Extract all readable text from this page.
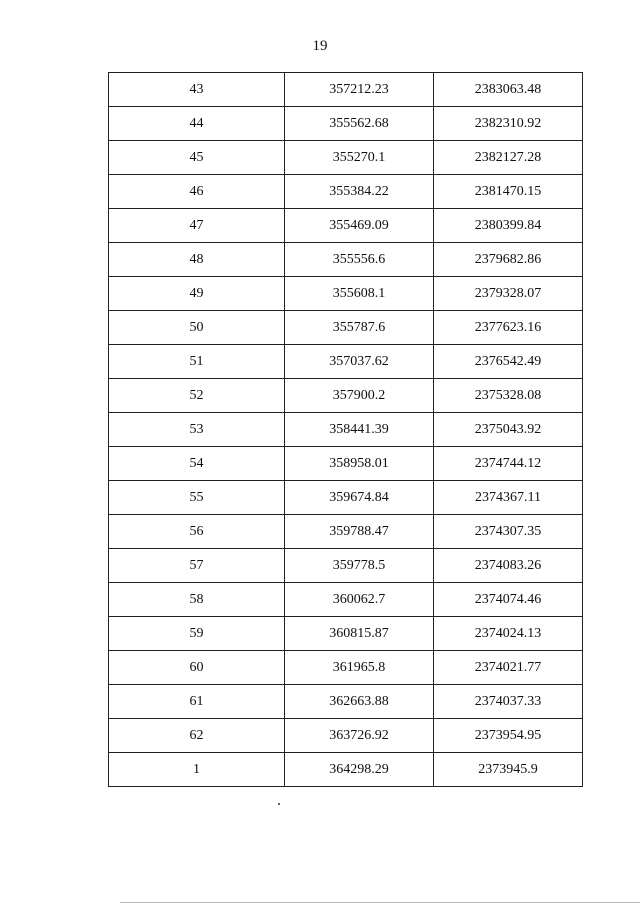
19
43	357212.23	2383063.48
44	355562.68	2382310.92
45	355270.1	2382127.28
46	355384.22	2381470.15
47	355469.09	2380399.84
48	355556.6	2379682.86
49	355608.1	2379328.07
50	355787.6	2377623.16
51	357037.62	2376542.49
52	357900.2	2375328.08
53	358441.39	2375043.92
54	358958.01	2374744.12
55	359674.84	2374367.11
56	359788.47	2374307.35
57	359778.5	2374083.26
58	360062.7	2374074.46
59	360815.87	2374024.13
60	361965.8	2374021.77
61	362663.88	2374037.33
62	363726.92	2373954.95
1	364298.29	2373945.9
